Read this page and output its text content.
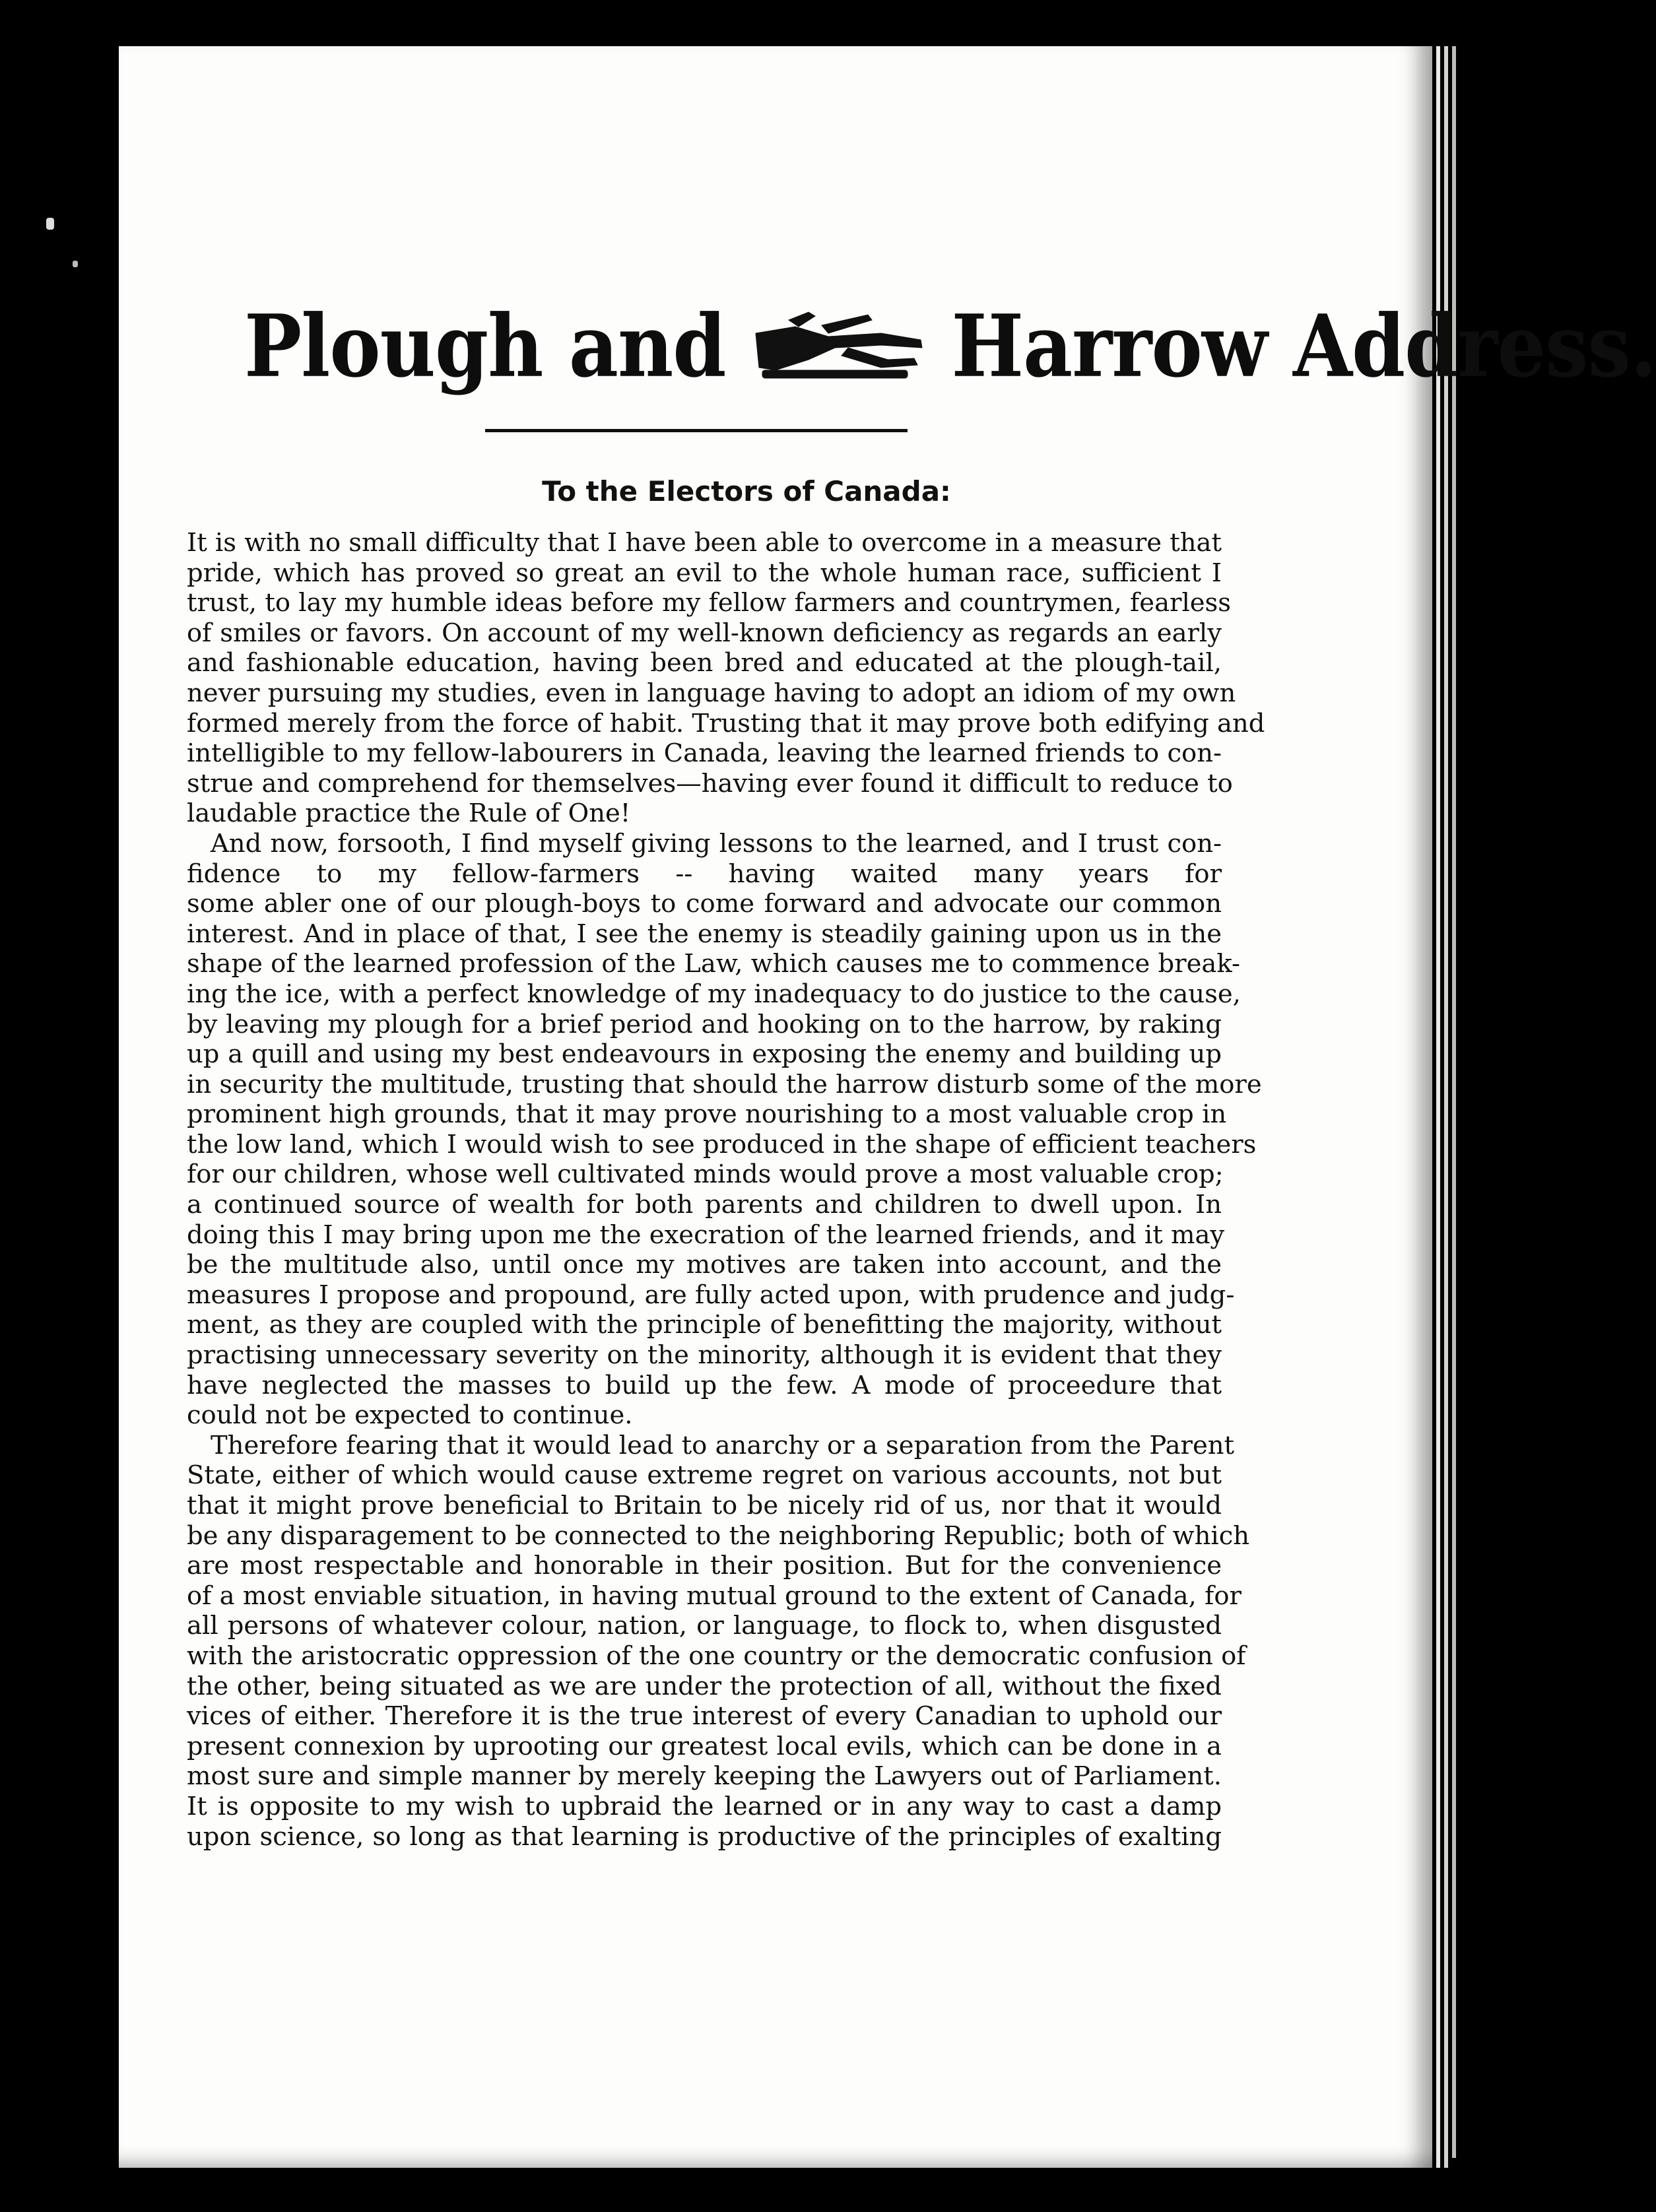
Plough and	Harrow Address.
To the Electors of Canada:
It is with no small difficulty that I have been able to overcome in a measure that
pride, which has proved so great an evil to the whole human race, sufficient I
trust, to lay my humble ideas before my fellow farmers and countrymen, fearless
of smiles or favors. On account of my well-known deficiency as regards an early
and fashionable education, having been bred and educated at the plough-tail,
never pursuing my studies, even in language having to adopt an idiom of my own
formed merely from the force of habit. Trusting that it may prove both edifying and
intelligible to my fellow-labourers in Canada, leaving the learned friends to con-
strue and comprehend for themselves—having ever found it difficult to reduce to
laudable practice the Rule of One!
And now, forsooth, I find myself giving lessons to the learned, and I trust con-
fidence to my fellow-farmers -- having waited many years for
some abler one of our plough-boys to come forward and advocate our common
interest. And in place of that, I see the enemy is steadily gaining upon us in the
shape of the learned profession of the Law, which causes me to commence break-
ing the ice, with a perfect knowledge of my inadequacy to do justice to the cause,
by leaving my plough for a brief period and hooking on to the harrow, by raking
up a quill and using my best endeavours in exposing the enemy and building up
in security the multitude, trusting that should the harrow disturb some of the more
prominent high grounds, that it may prove nourishing to a most valuable crop in
the low land, which I would wish to see produced in the shape of efficient teachers
for our children, whose well cultivated minds would prove a most valuable crop;
a continued source of wealth for both parents and children to dwell upon. In
doing this I may bring upon me the execration of the learned friends, and it may
be the multitude also, until once my motives are taken into account, and the
measures I propose and propound, are fully acted upon, with prudence and judg-
ment, as they are coupled with the principle of benefitting the majority, without
practising unnecessary severity on the minority, although it is evident that they
have neglected the masses to build up the few. A mode of proceedure that
could not be expected to continue.
Therefore fearing that it would lead to anarchy or a separation from the Parent
State, either of which would cause extreme regret on various accounts, not but
that it might prove beneficial to Britain to be nicely rid of us, nor that it would
be any disparagement to be connected to the neighboring Republic; both of which
are most respectable and honorable in their position. But for the convenience
of a most enviable situation, in having mutual ground to the extent of Canada, for
all persons of whatever colour, nation, or language, to flock to, when disgusted
with the aristocratic oppression of the one country or the democratic confusion of
the other, being situated as we are under the protection of all, without the fixed
vices of either. Therefore it is the true interest of every Canadian to uphold our
present connexion by uprooting our greatest local evils, which can be done in a
most sure and simple manner by merely keeping the Lawyers out of Parliament.
It is opposite to my wish to upbraid the learned or in any way to cast a damp
upon science, so long as that learning is productive of the principles of exalting
